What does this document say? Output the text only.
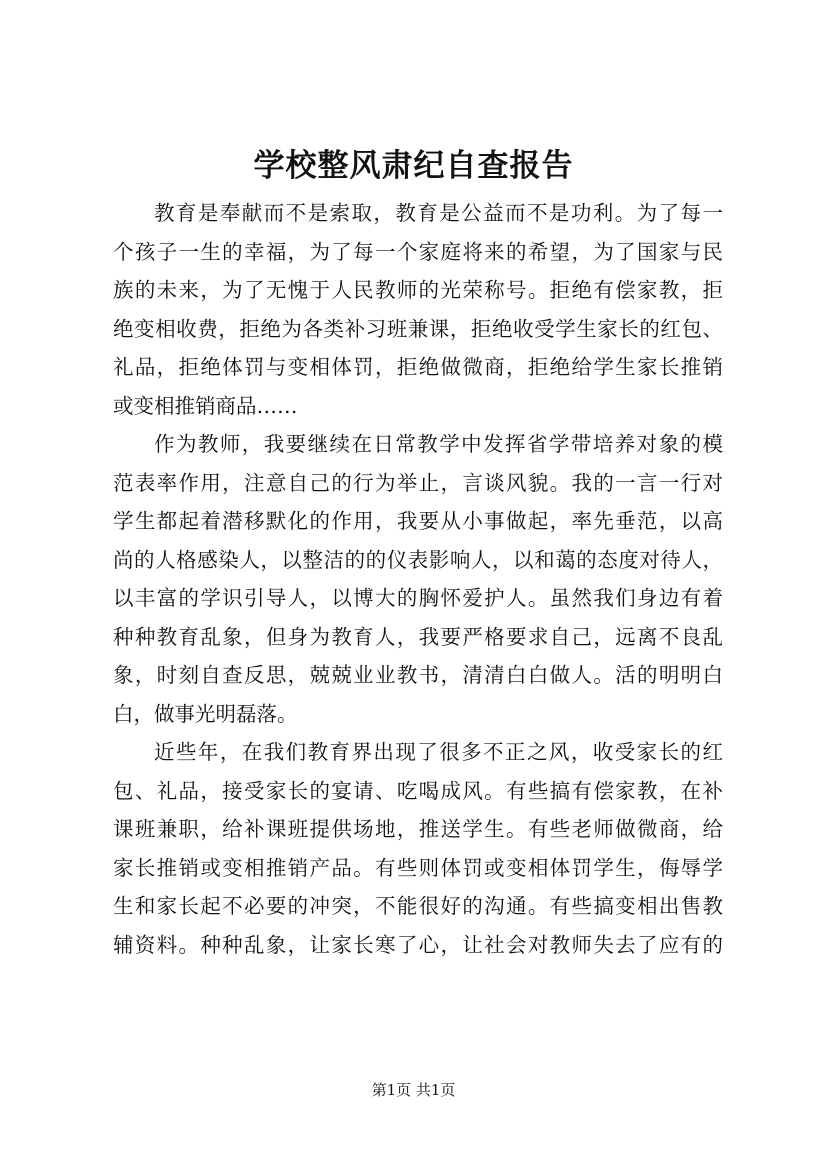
学校整风肃纪自查报告
教育是奉献而不是索取，教育是公益而不是功利。为了每一
个孩子一生的幸福，为了每一个家庭将来的希望，为了国家与民
族的未来，为了无愧于人民教师的光荣称号。拒绝有偿家教，拒
绝变相收费，拒绝为各类补习班兼课，拒绝收受学生家长的红包、
礼品，拒绝体罚与变相体罚，拒绝做微商，拒绝给学生家长推销
或变相推销商品……
作为教师，我要继续在日常教学中发挥省学带培养对象的模
范表率作用，注意自己的行为举止，言谈风貌。我的一言一行对
学生都起着潜移默化的作用，我要从小事做起，率先垂范，以高
尚的人格感染人，以整洁的的仪表影响人，以和蔼的态度对待人，
以丰富的学识引导人，以博大的胸怀爱护人。虽然我们身边有着
种种教育乱象，但身为教育人，我要严格要求自己，远离不良乱
象，时刻自查反思，兢兢业业教书，清清白白做人。活的明明白
白，做事光明磊落。
近些年，在我们教育界出现了很多不正之风，收受家长的红
包、礼品，接受家长的宴请、吃喝成风。有些搞有偿家教，在补
课班兼职，给补课班提供场地，推送学生。有些老师做微商，给
家长推销或变相推销产品。有些则体罚或变相体罚学生，侮辱学
生和家长起不必要的冲突，不能很好的沟通。有些搞变相出售教
辅资料。种种乱象，让家长寒了心，让社会对教师失去了应有的
第1页 共1页
